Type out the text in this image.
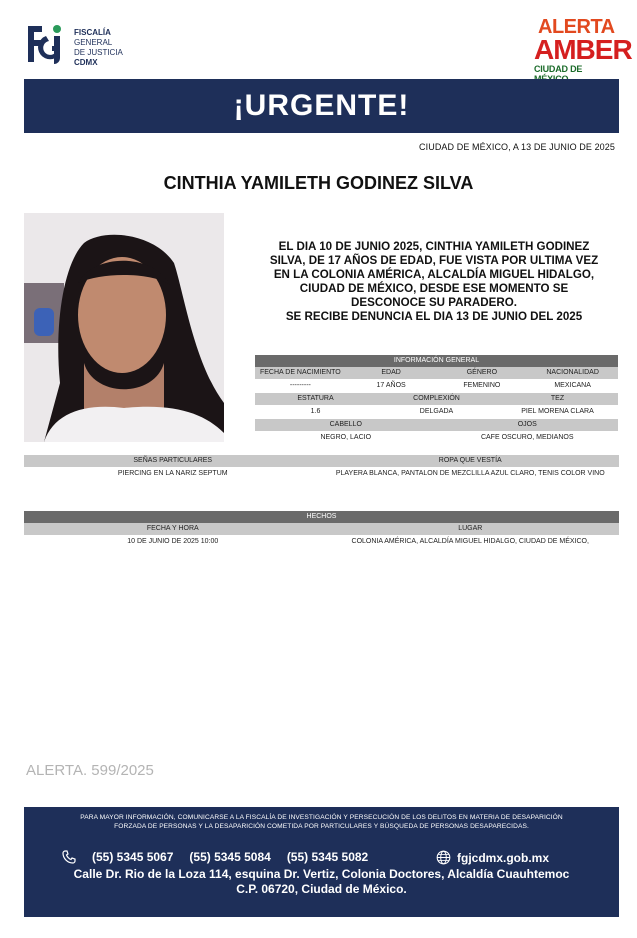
FISCALÍA
GENERAL
DE JUSTICIA
CDMX
ALERTA
AMBER
CIUDAD DE
¡URGENTE!
CIUDAD DE MÉXICO, A 13 DE JUNIO DE 2025
CINTHIA YAMILETH GODINEZ SILVA
EL DIA 10 DE JUNIO 2025, CINTHIA YAMILETH GODINEZ
SILVA, DE 17 AÑOS DE EDAD, FUE VISTA POR ULTIMA VEZ
EN LA COLONIA AMÉRICA, ALCALDÍA MIGUEL HIDALGO,
CIUDAD DE MÉXICO, DESDE ESE MOMENTO SE
DESCONOCE SU PARADERO.
SE RECIBE DENUNCIA EL DIA 13 DE JUNIO DEL 2025
INFORMACIÓN GENERAL
FECHA DE NACIMIENTO	EDAD	GÉNERO	NACIONALIDAD
---------	17 AÑOS	FEMENINO	MEXICANA
ESTATURA	COMPLEXIÓN	TEZ
1.6	DELGADA	PIEL MORENA CLARA
CABELLO	OJOS
NEGRO, LACIO	CAFE OSCURO, MEDIANOS
SEÑAS PARTICULARES	ROPA QUE VESTÍA
PIERCING EN LA NARIZ SEPTUM	PLAYERA BLANCA, PANTALON DE MEZCLILLA AZUL CLARO, TENIS COLOR VINO
HECHOS
FECHA Y HORA	LUGAR
10 DE JUNIO DE 2025 10:00	COLONIA AMÉRICA, ALCALDÍA MIGUEL HIDALGO, CIUDAD DE MÉXICO,
ALERTA. 599/2025
PARA MAYOR INFORMACIÓN, COMUNICARSE A LA FISCALÍA DE INVESTIGACIÓN Y PERSECUCIÓN DE LOS DELITOS EN MATERIA DE DESAPARICIÓN
FORZADA DE PERSONAS Y LA DESAPARICIÓN COMETIDA POR PARTICULARES Y BÚSQUEDA DE PERSONAS DESAPARECIDAS.
(55) 5345 5067 (55) 5345 5084 (55) 5345 5082	fgjcdmx.gob.mx
Calle Dr. Rio de la Loza 114, esquina Dr. Vertiz, Colonia Doctores, Alcaldía Cuauhtemoc
C.P. 06720, Ciudad de México.
